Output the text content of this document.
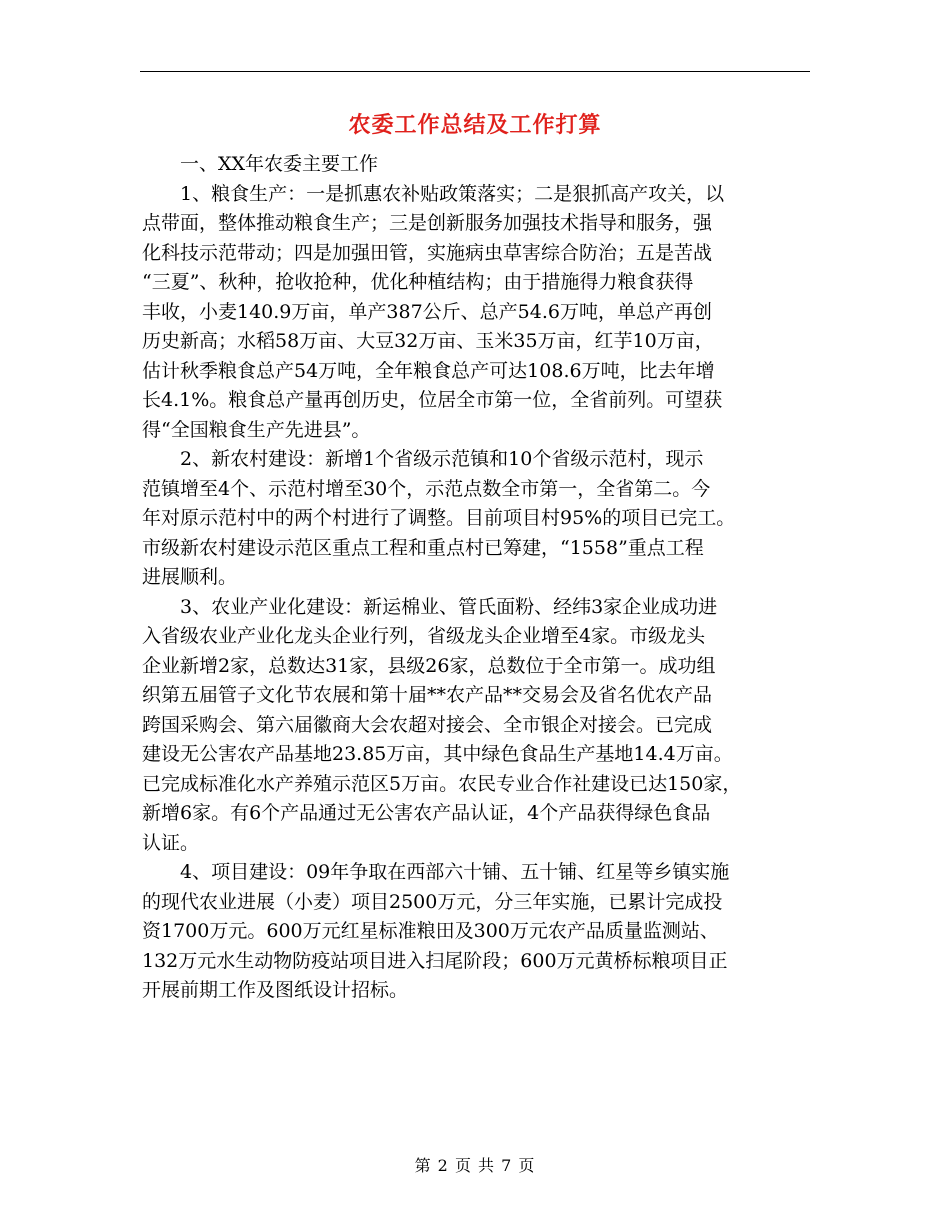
农委工作总结及工作打算
一、XX年农委主要工作
1、粮食生产：一是抓惠农补贴政策落实；二是狠抓高产攻关，以
点带面，整体推动粮食生产；三是创新服务加强技术指导和服务，强
化科技示范带动；四是加强田管，实施病虫草害综合防治；五是苦战
“三夏”、秋种，抢收抢种，优化种植结构；由于措施得力粮食获得
丰收，小麦140.9万亩，单产387公斤、总产54.6万吨，单总产再创
历史新高；水稻58万亩、大豆32万亩、玉米35万亩，红芋10万亩，
估计秋季粮食总产54万吨，全年粮食总产可达108.6万吨，比去年增
长4.1%。粮食总产量再创历史，位居全市第一位，全省前列。可望获
得“全国粮食生产先进县”。
2、新农村建设：新增1个省级示范镇和10个省级示范村，现示
范镇增至4个、示范村增至30个，示范点数全市第一，全省第二。今
年对原示范村中的两个村进行了调整。目前项目村95%的项目已完工。
市级新农村建设示范区重点工程和重点村已筹建，“1558”重点工程
进展顺利。
3、农业产业化建设：新运棉业、管氏面粉、经纬3家企业成功进
入省级农业产业化龙头企业行列，省级龙头企业增至4家。市级龙头
企业新增2家，总数达31家，县级26家，总数位于全市第一。成功组
织第五届管子文化节农展和第十届**农产品**交易会及省名优农产品
跨国采购会、第六届徽商大会农超对接会、全市银企对接会。已完成
建设无公害农产品基地23.85万亩，其中绿色食品生产基地14.4万亩。
已完成标准化水产养殖示范区5万亩。农民专业合作社建设已达150家，
新增6家。有6个产品通过无公害农产品认证，4个产品获得绿色食品
认证。
4、项目建设：09年争取在西部六十铺、五十铺、红星等乡镇实施
的现代农业进展（小麦）项目2500万元，分三年实施，已累计完成投
资1700万元。600万元红星标准粮田及300万元农产品质量监测站、
132万元水生动物防疫站项目进入扫尾阶段；600万元黄桥标粮项目正
开展前期工作及图纸设计招标。
第 2 页 共 7 页
